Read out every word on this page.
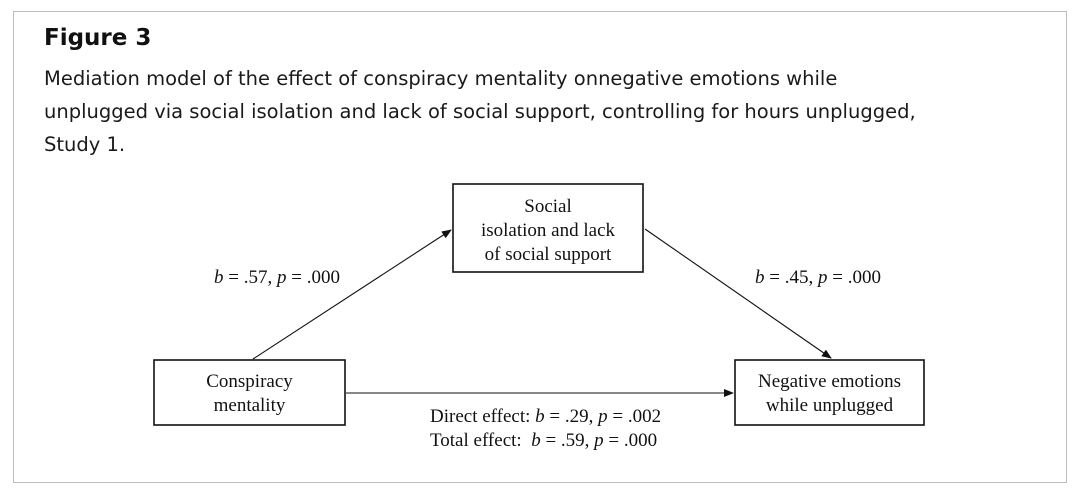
Figure 3
Mediation model of the effect of conspiracy mentality onnegative emotions while
unplugged via social isolation and lack of social support, controlling for hours unplugged,
Study 1.
Social
isolation and lack
of social support
Conspiracy
mentality
Negative emotions
while unplugged
b = .57, p = .000	b = .45, p = .000
Direct effect: b = .29, p = .002
Total effect:  b = .59, p = .000
